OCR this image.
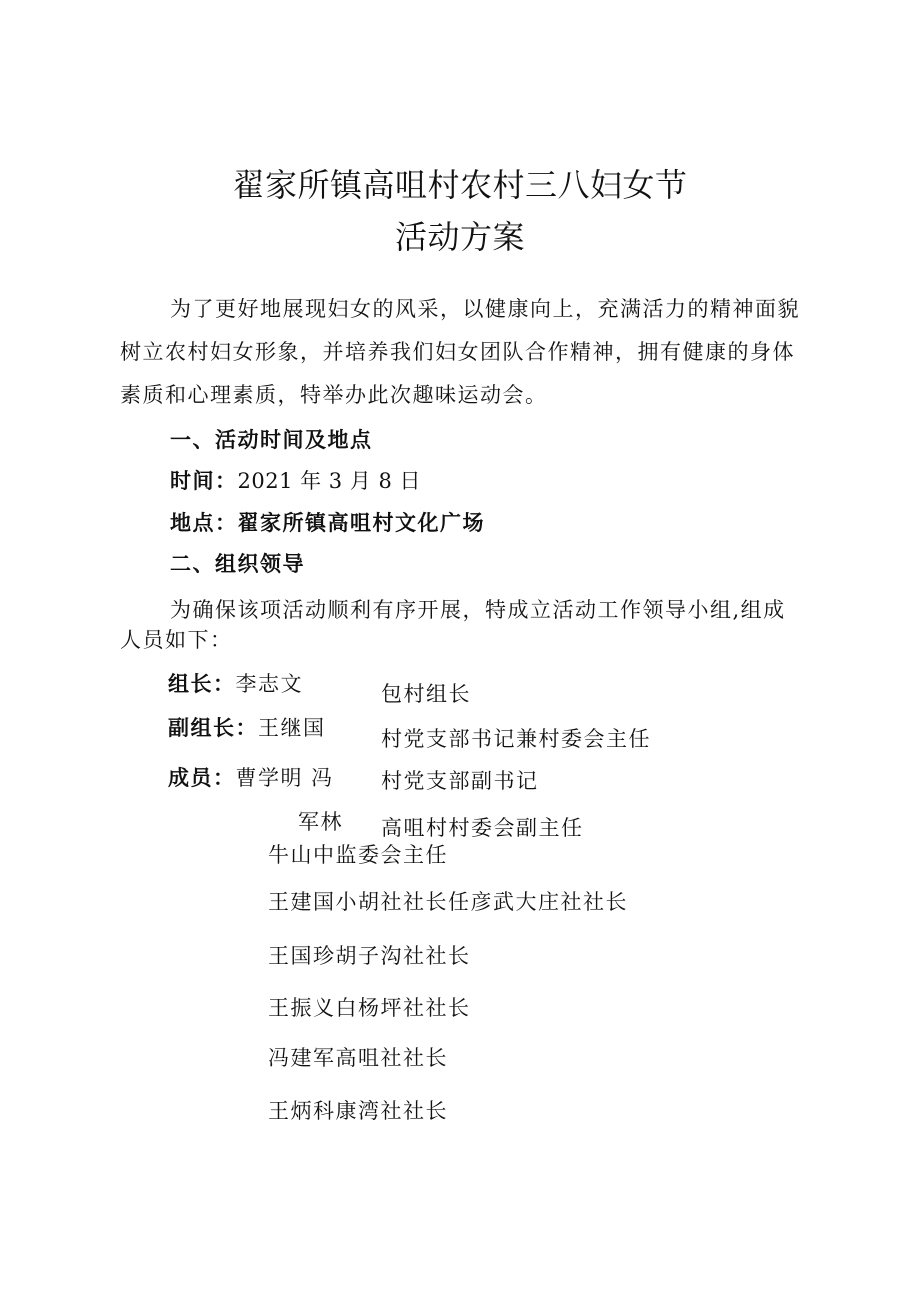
翟家所镇高咀村农村三八妇女节
活动方案
为了更好地展现妇女的风采，以健康向上，充满活力的精神面貌树立农村妇女形象，并培养我们妇女团队合作精神，拥有健康的身体素质和心理素质，特举办此次趣味运动会。
一、活动时间及地点
时间：2021 年 3 月 8 日
地点：翟家所镇高咀村文化广场
二、组织领导
为确保该项活动顺利有序开展，特成立活动工作领导小组,组成
人员如下：
组长：李志文	包村组长
副组长：王继国	村党支部书记兼村委会主任
成员：曹学明 冯 村党支部副书记
军林 高咀村村委会副主任
牛山中监委会主任
王建国小胡社社长任彦武大庄社社长
王国珍胡子沟社社长
王振义白杨坪社社长
冯建军高咀社社长
王炳科康湾社社长
